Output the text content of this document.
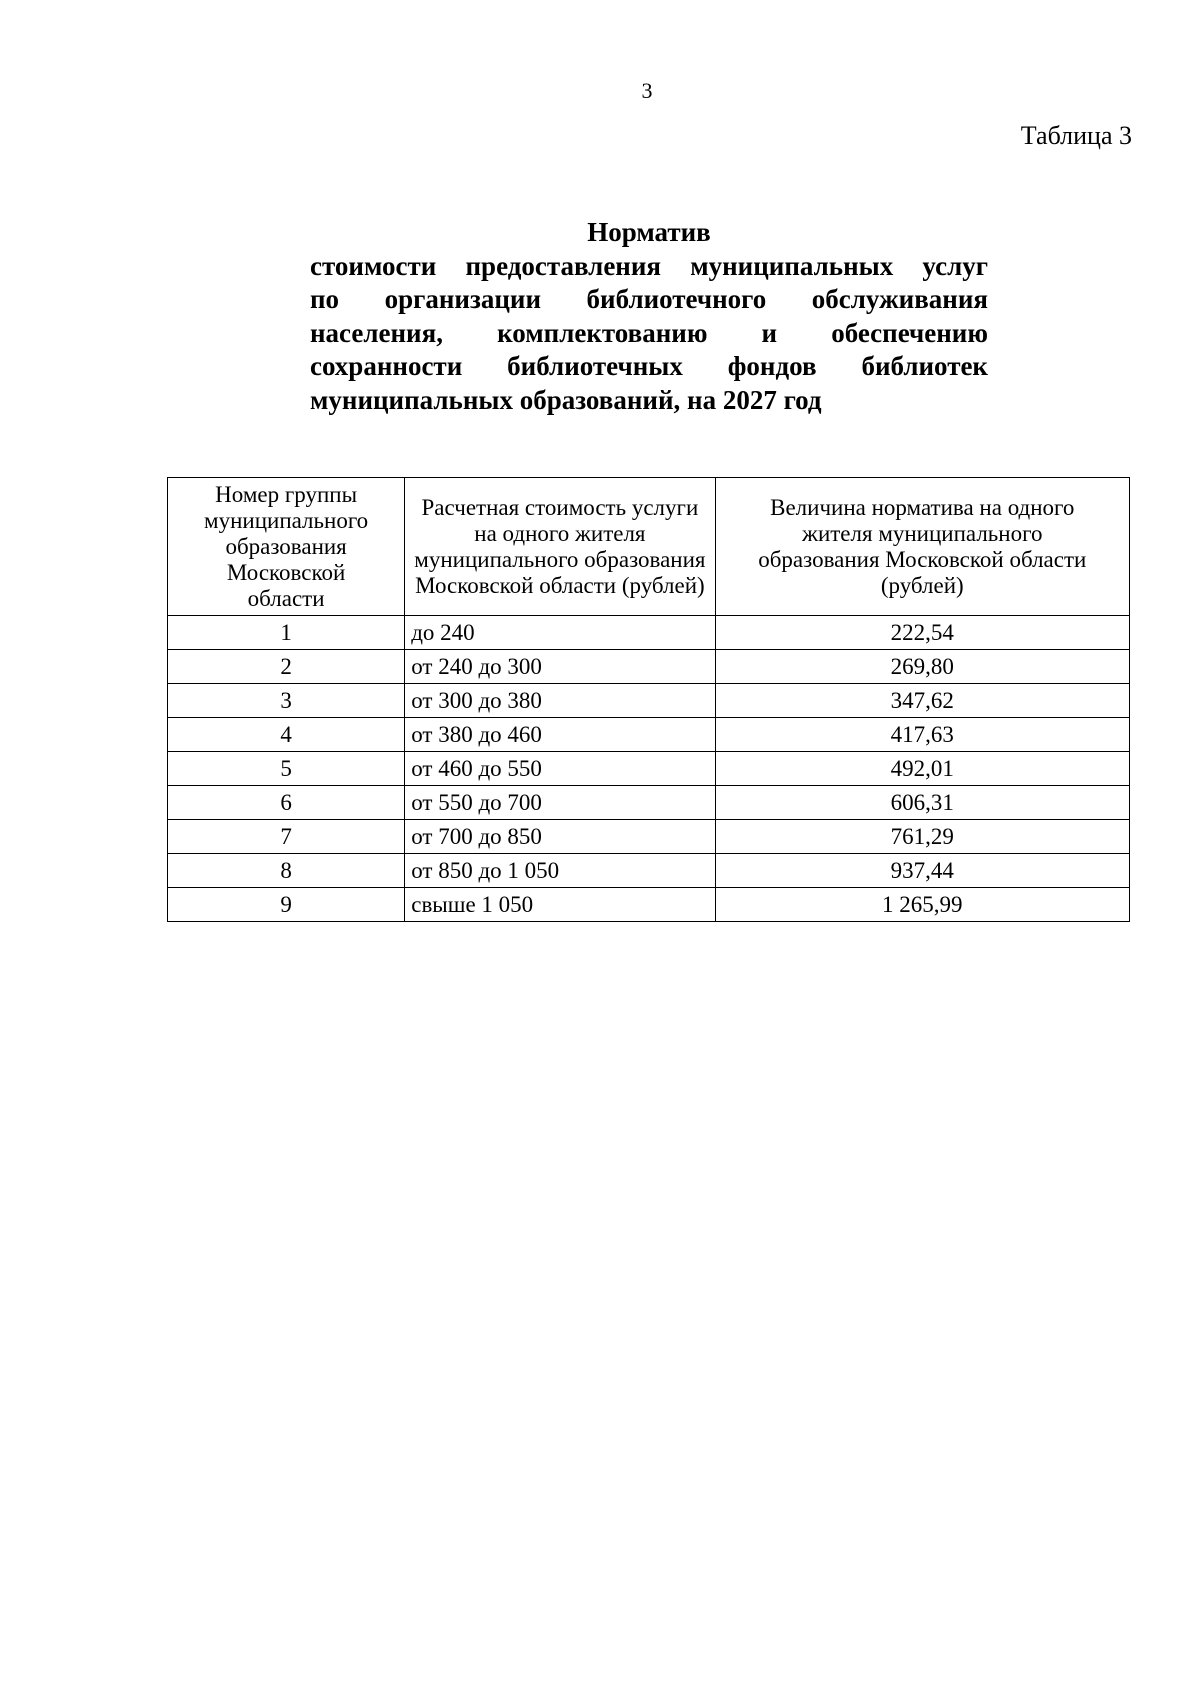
3
Таблица 3
Норматив
стоимости предоставления муниципальных услуг
по организации библиотечного обслуживания
населения, комплектованию и обеспечению
сохранности библиотечных фондов библиотек
муниципальных образований, на 2027 год
Номер группы муниципального образования Московской области	Расчетная стоимость услуги на одного жителя муниципального образования Московской области (рублей)	Величина норматива на одного жителя муниципального образования Московской области (рублей)

1	до 240	222,54
2	от 240 до 300	269,80
3	от 300 до 380	347,62
4	от 380 до 460	417,63
5	от 460 до 550	492,01
6	от 550 до 700	606,31
7	от 700 до 850	761,29
8	от 850 до 1 050	937,44
9	свыше 1 050	1 265,99
